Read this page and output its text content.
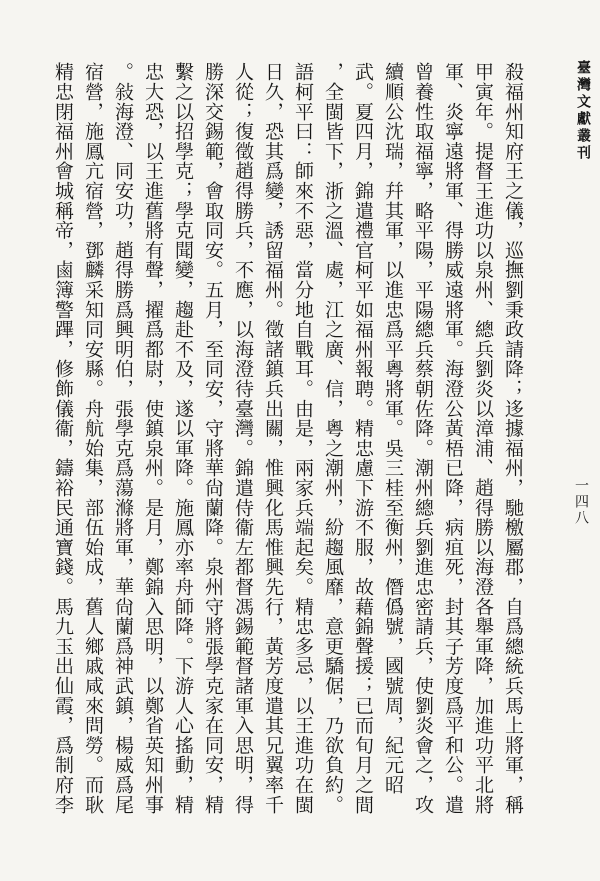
臺灣文獻叢刊
一四八
殺福州知府王之儀，巡撫劉秉政請降；迻據福州，馳檄屬郡，自爲總統兵馬上將軍，稱
甲寅年。提督王進功以泉州、總兵劉炎以漳浦、趙得勝以海澄各舉軍降，加進功平北將
軍、炎寧遠將軍、得勝威遠將軍。海澄公黃梧已降，病疽死，封其子芳度爲平和公。遣
曾養性取福寧，略平陽，平陽總兵蔡朝佐降。潮州總兵劉進忠密請兵，使劉炎會之，攻
續順公沈瑞，幷其軍，以進忠爲平粵將軍。吳三桂至衡州，僭僞號，國號周，紀元昭
武。夏四月，錦遣禮官柯平如福州報聘。精忠慮下游不服，故藉錦聲援；已而旬月之間
，全閩皆下，浙之溫、處，江之廣、信，粵之潮州，紛趨風靡，意更驕倨，乃欲負約。
語柯平曰：師來不惡，當分地自戰耳。由是，兩家兵端起矣。精忠多忌，以王進功在閩
日久，恐其爲變，誘留福州。徵諸鎮兵出關，惟興化馬惟興先行，黃芳度遣其兄翼率千
人從；復徵趙得勝兵，不應，以海澄待臺灣。錦遣侍衞左都督馮錫範督諸軍入思明，得
勝深交錫範，會取同安。五月，至同安，守將華尙蘭降。泉州守將張學克家在同安，精
繫之以招學克；學克聞變，趨赴不及，遂以軍降。施鳳亦率舟師降。下游人心搖動，精
忠大恐，以王進舊將有聲，擢爲都尉，使鎮泉州。是月，鄭錦入思明，以鄭省英知州事
。敍海澄、同安功，趙得勝爲興明伯，張學克爲蕩滌將軍，華尙蘭爲神武鎮，楊威爲尾
宿營，施鳳亢宿營，鄧麟采知同安縣。舟航始集，部伍始成，舊人鄉戚咸來問勞。而耿
精忠閉福州會城稱帝，鹵簿警蹕，修飾儀衞，鑄裕民通寶錢。馬九玉出仙霞，爲制府李
